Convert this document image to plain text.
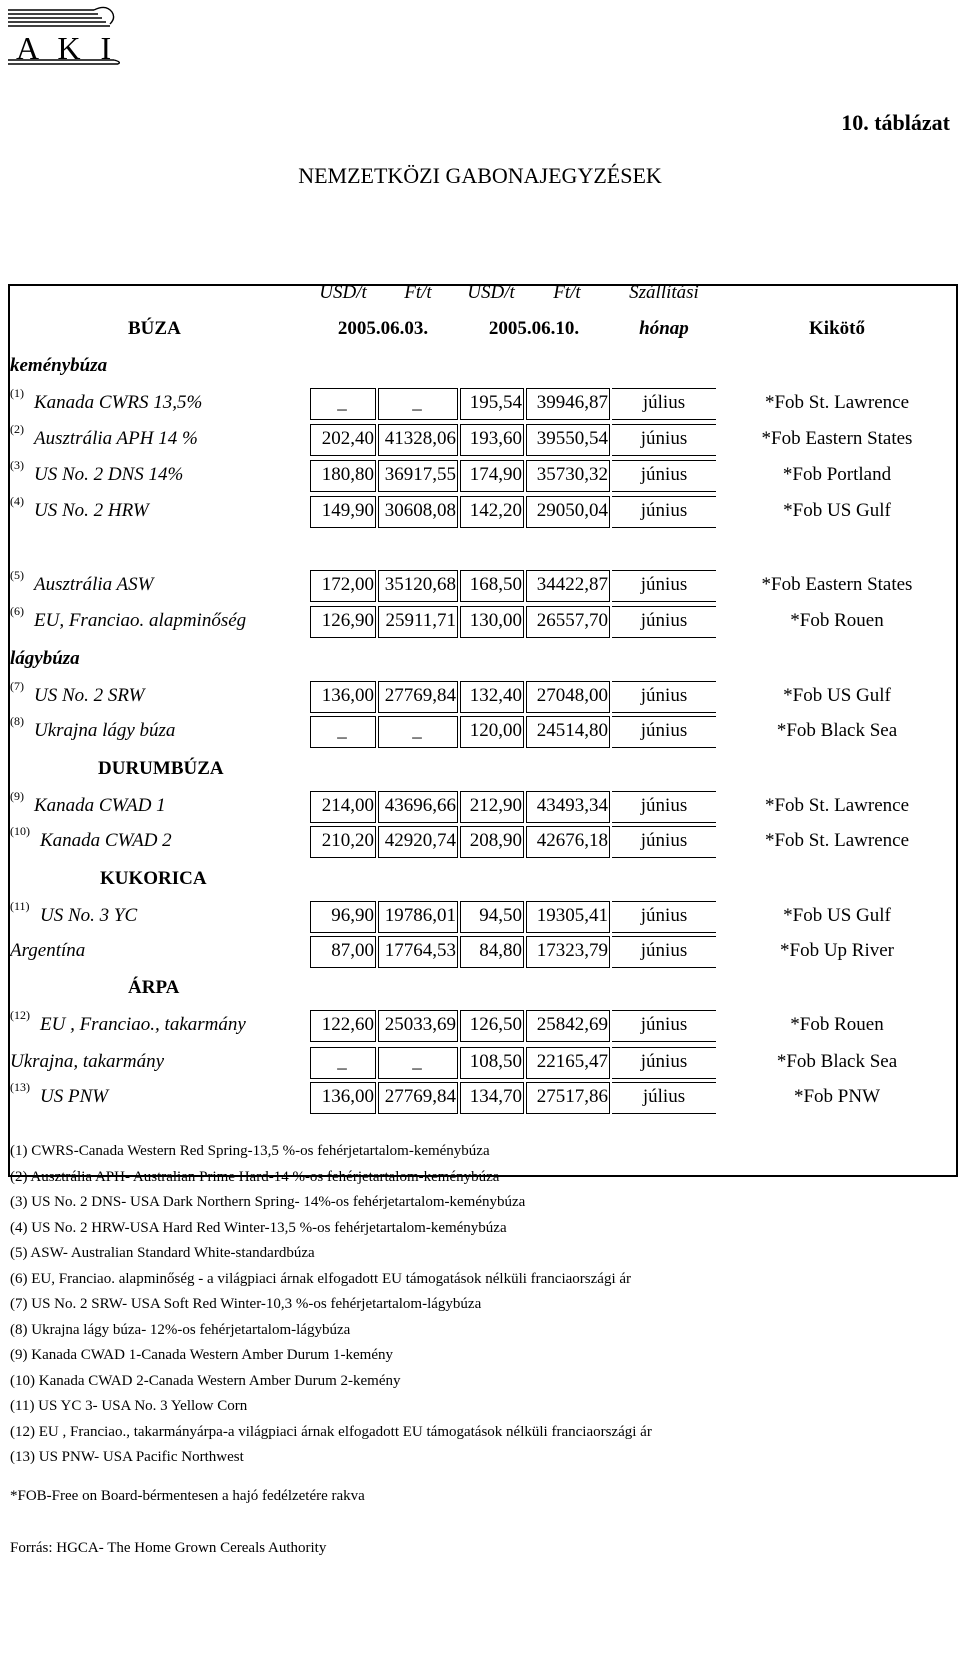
A K I
10. táblázat
NEMZETKÖZI GABONAJEGYZÉSEK
USD/t	Ft/t	USD/t	Ft/t	Szállítási
2005.06.03.	2005.06.10.	hónap	Kikötő
BÚZA
keménybúza
lágybúza
DURUMBÚZA
KUKORICA
ÁRPA
(1) Kanada CWRS 13,5%	_	_	195,54 39946,87	július	*Fob St. Lawrence
(2) Ausztrália APH 14 %	202,40 41328,06 193,60 39550,54	június	*Fob Eastern States
(3) US No. 2 DNS 14%	180,80 36917,55 174,90 35730,32	június	*Fob Portland
(4) US No. 2 HRW	149,90 30608,08 142,20 29050,04	június	*Fob US Gulf
(5) Ausztrália ASW	172,00 35120,68 168,50 34422,87	június	*Fob Eastern States
(6) EU, Franciao. alapminőség	126,90 25911,71 130,00 26557,70	június	*Fob Rouen
(7) US No. 2 SRW	136,00 27769,84 132,40 27048,00	június	*Fob US Gulf
(8) Ukrajna lágy búza	_	_	120,00 24514,80	június	*Fob Black Sea
(9) Kanada CWAD 1	214,00 43696,66 212,90 43493,34	június	*Fob St. Lawrence
(10) Kanada CWAD 2	210,20 42920,74 208,90 42676,18	június	*Fob St. Lawrence
(11) US No. 3 YC	96,90 19786,01	94,50 19305,41	június	*Fob US Gulf
Argentína	87,00 17764,53	84,80 17323,79	június	*Fob Up River
(12) EU , Franciao., takarmány	122,60 25033,69 126,50 25842,69	június	*Fob Rouen
Ukrajna, takarmány	_	_	108,50 22165,47	június	*Fob Black Sea
(13) US PNW	136,00 27769,84 134,70 27517,86	július	*Fob PNW
(1) CWRS-Canada Western Red Spring-13,5 %-os fehérjetartalom-keménybúza
(2) Ausztrália APH- Australian Prime Hard-14 %-os fehérjetartalom-keménybúza
(3) US No. 2 DNS- USA Dark Northern Spring- 14%-os fehérjetartalom-keménybúza
(4) US No. 2 HRW-USA Hard Red Winter-13,5 %-os fehérjetartalom-keménybúza
(5) ASW- Australian Standard White-standardbúza
(6) EU, Franciao. alapminőség - a világpiaci árnak elfogadott EU támogatások nélküli franciaországi ár
(7) US No. 2 SRW- USA Soft Red Winter-10,3 %-os fehérjetartalom-lágybúza
(8) Ukrajna lágy búza- 12%-os fehérjetartalom-lágybúza
(9) Kanada CWAD 1-Canada Western Amber Durum 1-kemény
(10) Kanada CWAD 2-Canada Western Amber Durum 2-kemény
(11) US YC 3- USA No. 3 Yellow Corn
(12) EU , Franciao., takarmányárpa-a világpiaci árnak elfogadott EU támogatások nélküli franciaországi ár
(13) US PNW- USA Pacific Northwest
*FOB-Free on Board-bérmentesen a hajó fedélzetére rakva
Forrás: HGCA- The Home Grown Cereals Authority
